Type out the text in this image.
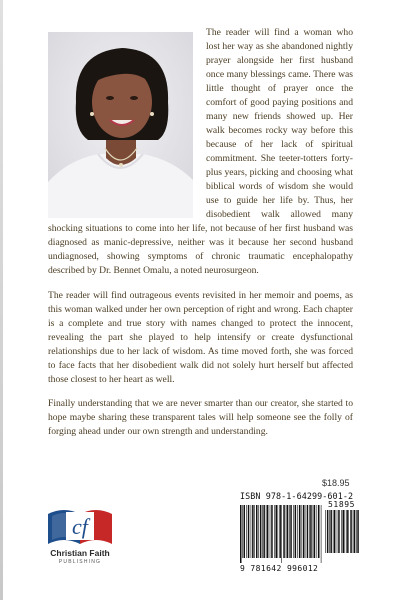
The reader will find a woman who lost her way as she abandoned nightly prayer alongside her first husband once many blessings came. There was little thought of prayer once the comfort of good paying positions and many new friends showed up. Her walk becomes rocky way before this because of her lack of spiritual commitment. She teeter-totters forty-plus years, picking and choosing what biblical words of wisdom she would use to guide her life by. Thus, her disobedient walk allowed many shocking situations to come into her life, not because of her first husband was diagnosed as manic-depressive, neither was it because her second husband undiagnosed, showing symptoms of chronic traumatic encephalopathy described by Dr. Bennet Omalu, a noted neurosurgeon.

The reader will find outrageous events revisited in her memoir and poems, as this woman walked under her own perception of right and wrong. Each chapter is a complete and true story with names changed to protect the innocent, revealing the part she played to help intensify or create dysfunctional relationships due to her lack of wisdom. As time moved forth, she was forced to face facts that her disobedient walk did not solely hurt herself but affected those closest to her heart as well.

Finally understanding that we are never smarter than our creator, she started to hope maybe sharing these transparent tales will help someone see the folly of forging ahead under our own strength and understanding.

$18.95
ISBN 978-1-64299-601-2
51895
9 781642 996012
cf
Christian Faith
PUBLISHING
